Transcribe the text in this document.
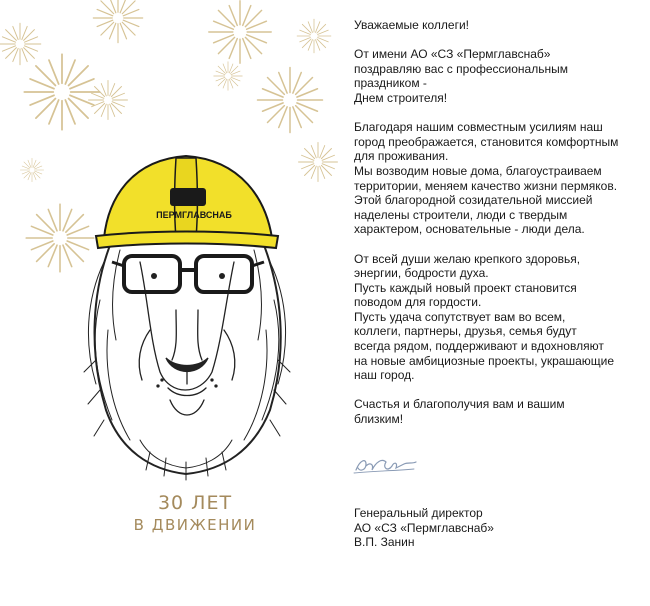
ПЕРМГЛАВСНАБ
30 ЛЕТ
В ДВИЖЕНИИ

Уважаемые коллеги!

От имени АО «СЗ «Пермглавснаб»
поздравляю вас с профессиональным
праздником -
Днем строителя!

Благодаря нашим совместным усилиям наш
город преображается, становится комфортным
для проживания.
Мы возводим новые дома, благоустраиваем
территории, меняем качество жизни пермяков.
Этой благородной созидательной миссией
наделены строители, люди с твердым
характером, основательные - люди дела.

От всей души желаю крепкого здоровья,
энергии, бодрости духа.
Пусть каждый новый проект становится
поводом для гордости.
Пусть удача сопутствует вам во всем,
коллеги, партнеры, друзья, семья будут
всегда рядом, поддерживают и вдохновляют
на новые амбициозные проекты, украшающие
наш город.

Счастья и благополучия вам и вашим
близким!

Генеральный директор
АО «СЗ «Пермглавснаб»
В.П. Занин
